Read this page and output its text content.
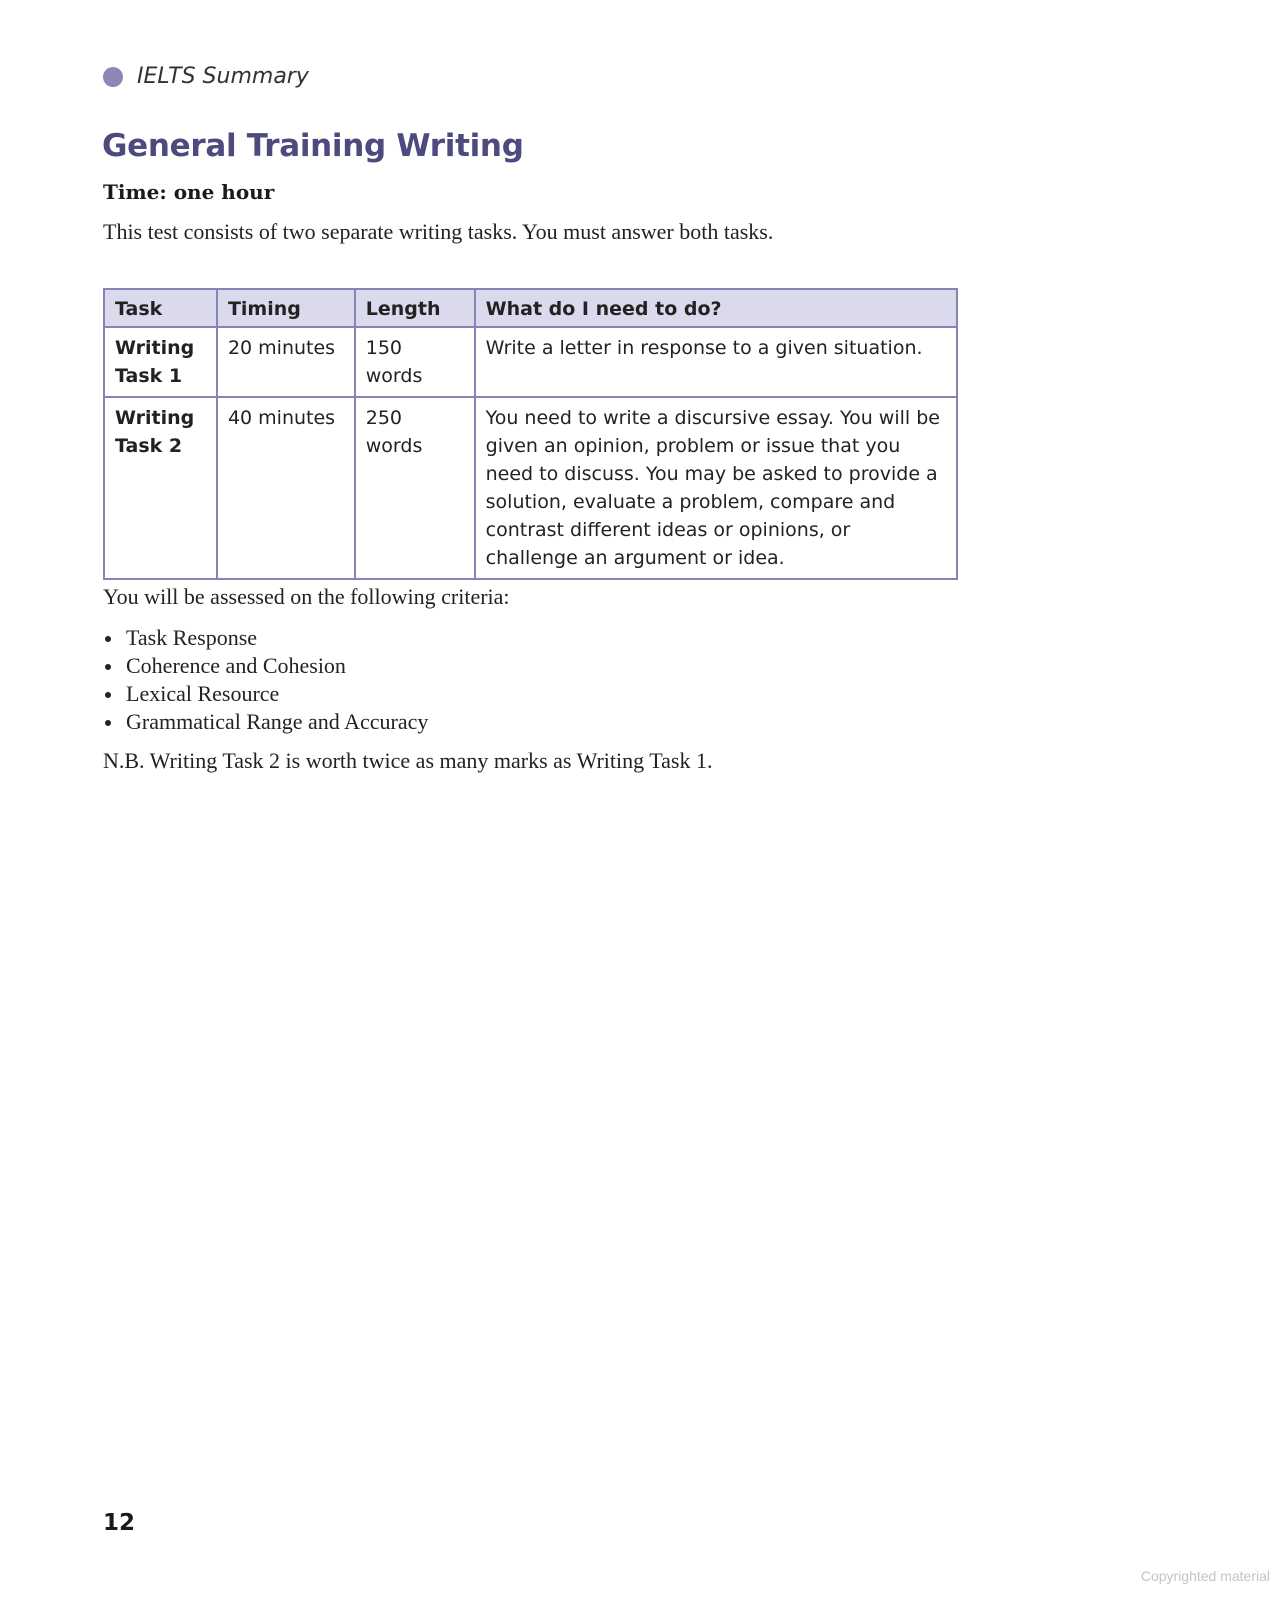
IELTS Summary
General Training Writing
Time: one hour
This test consists of two separate writing tasks. You must answer both tasks.
Task	Timing	Length	What do I need to do?
Writing Task 1	20 minutes	150 words	Write a letter in response to a given situation.
Writing Task 2	40 minutes	250 words	You need to write a discursive essay. You will be given an opinion, problem or issue that you need to discuss. You may be asked to provide a solution, evaluate a problem, compare and contrast different ideas or opinions, or challenge an argument or idea.
You will be assessed on the following criteria:
Task Response
Coherence and Cohesion
Lexical Resource
Grammatical Range and Accuracy
N.B. Writing Task 2 is worth twice as many marks as Writing Task 1.
12
Copyrighted material
